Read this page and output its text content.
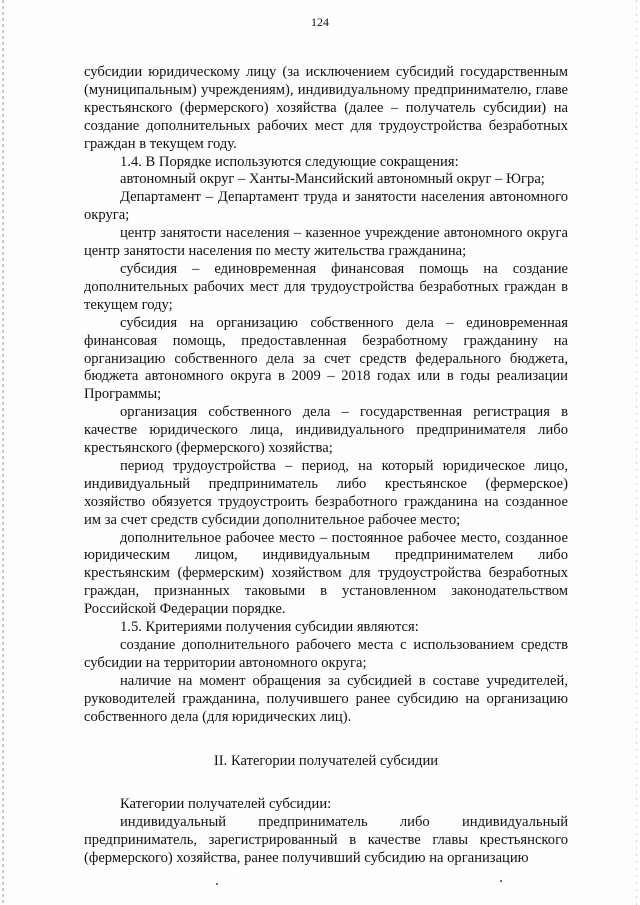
124

субсидии юридическому лицу (за исключением субсидий государственным (муниципальным) учреждениям), индивидуальному предпринимателю, главе крестьянского (фермерского) хозяйства (далее – получатель субсидии) на создание дополнительных рабочих мест для трудоустройства безработных граждан в текущем году.

1.4. В Порядке используются следующие сокращения:

автономный округ – Ханты-Мансийский автономный округ – Югра;

Департамент – Департамент труда и занятости населения автономного округа;

центр занятости населения – казенное учреждение автономного округа центр занятости населения по месту жительства гражданина;

субсидия – единовременная финансовая помощь на создание дополнительных рабочих мест для трудоустройства безработных граждан в текущем году;

субсидия на организацию собственного дела – единовременная финансовая помощь, предоставленная безработному гражданину на организацию собственного дела за счет средств федерального бюджета, бюджета автономного округа в 2009 – 2018 годах или в годы реализации Программы;

организация собственного дела – государственная регистрация в качестве юридического лица, индивидуального предпринимателя либо крестьянского (фермерского) хозяйства;

период трудоустройства – период, на который юридическое лицо, индивидуальный предприниматель либо крестьянское (фермерское) хозяйство обязуется трудоустроить безработного гражданина на созданное им за счет средств субсидии дополнительное рабочее место;

дополнительное рабочее место – постоянное рабочее место, созданное юридическим лицом, индивидуальным предпринимателем либо крестьянским (фермерским) хозяйством для трудоустройства безработных граждан, признанных таковыми в установленном законодательством Российской Федерации порядке.

1.5. Критериями получения субсидии являются:

создание дополнительного рабочего места с использованием средств субсидии на территории автономного округа;

наличие на момент обращения за субсидией в составе учредителей, руководителей гражданина, получившего ранее субсидию на организацию собственного дела (для юридических лиц).

II. Категории получателей субсидии

Категории получателей субсидии:

индивидуальный предприниматель либо индивидуальный предприниматель, зарегистрированный в качестве главы крестьянского (фермерского) хозяйства, ранее получивший субсидию на организацию
